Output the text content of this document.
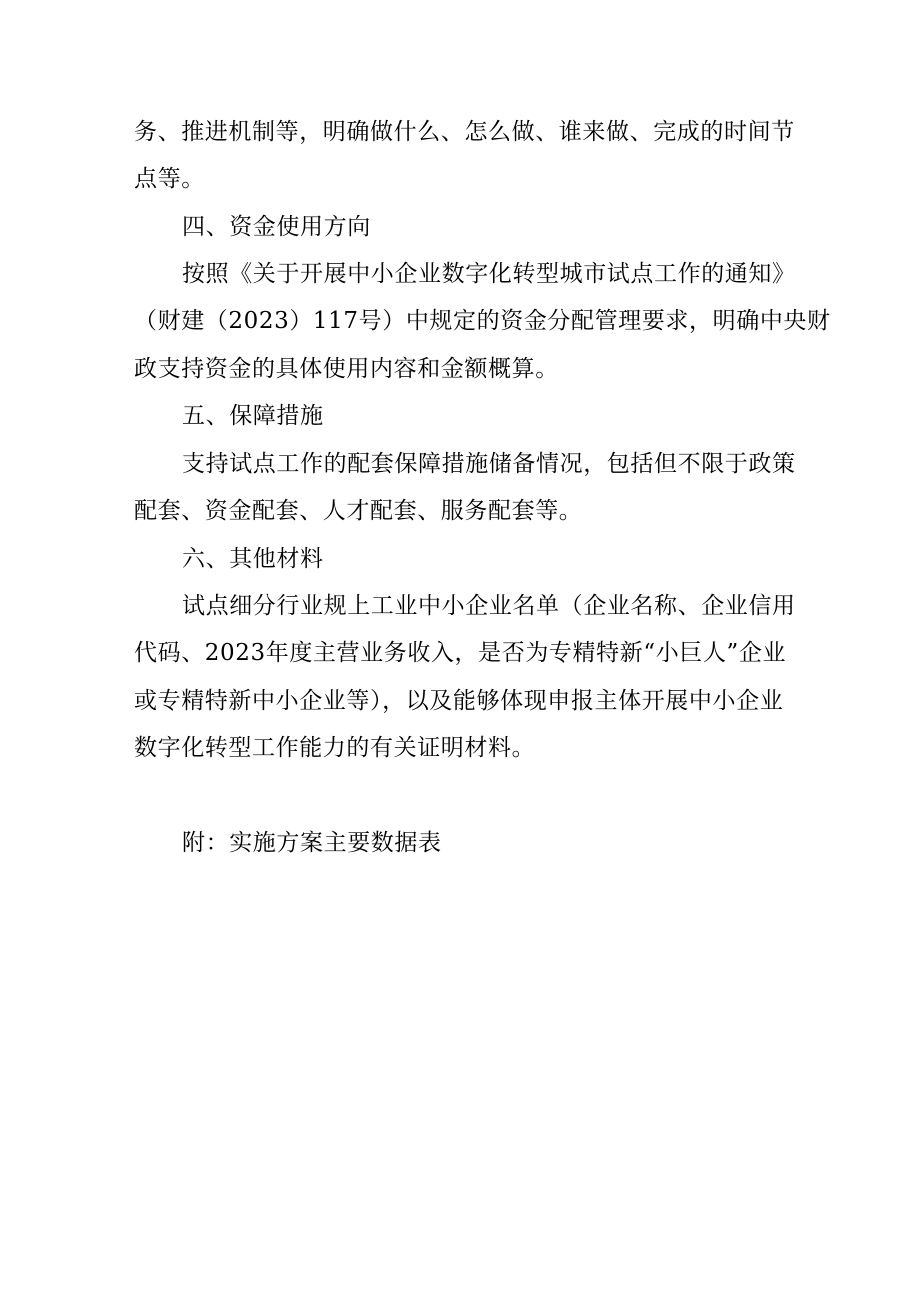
务、推进机制等，明确做什么、怎么做、谁来做、完成的时间节

点等。

四、资金使用方向

按照《关于开展中小企业数字化转型城市试点工作的通知》

（财建（2023）117号）中规定的资金分配管理要求，明确中央财

政支持资金的具体使用内容和金额概算。

五、保障措施

支持试点工作的配套保障措施储备情况，包括但不限于政策

配套、资金配套、人才配套、服务配套等。

六、其他材料

试点细分行业规上工业中小企业名单（企业名称、企业信用

代码、2023年度主营业务收入，是否为专精特新“小巨人”企业

或专精特新中小企业等），以及能够体现申报主体开展中小企业

数字化转型工作能力的有关证明材料。

附：实施方案主要数据表
